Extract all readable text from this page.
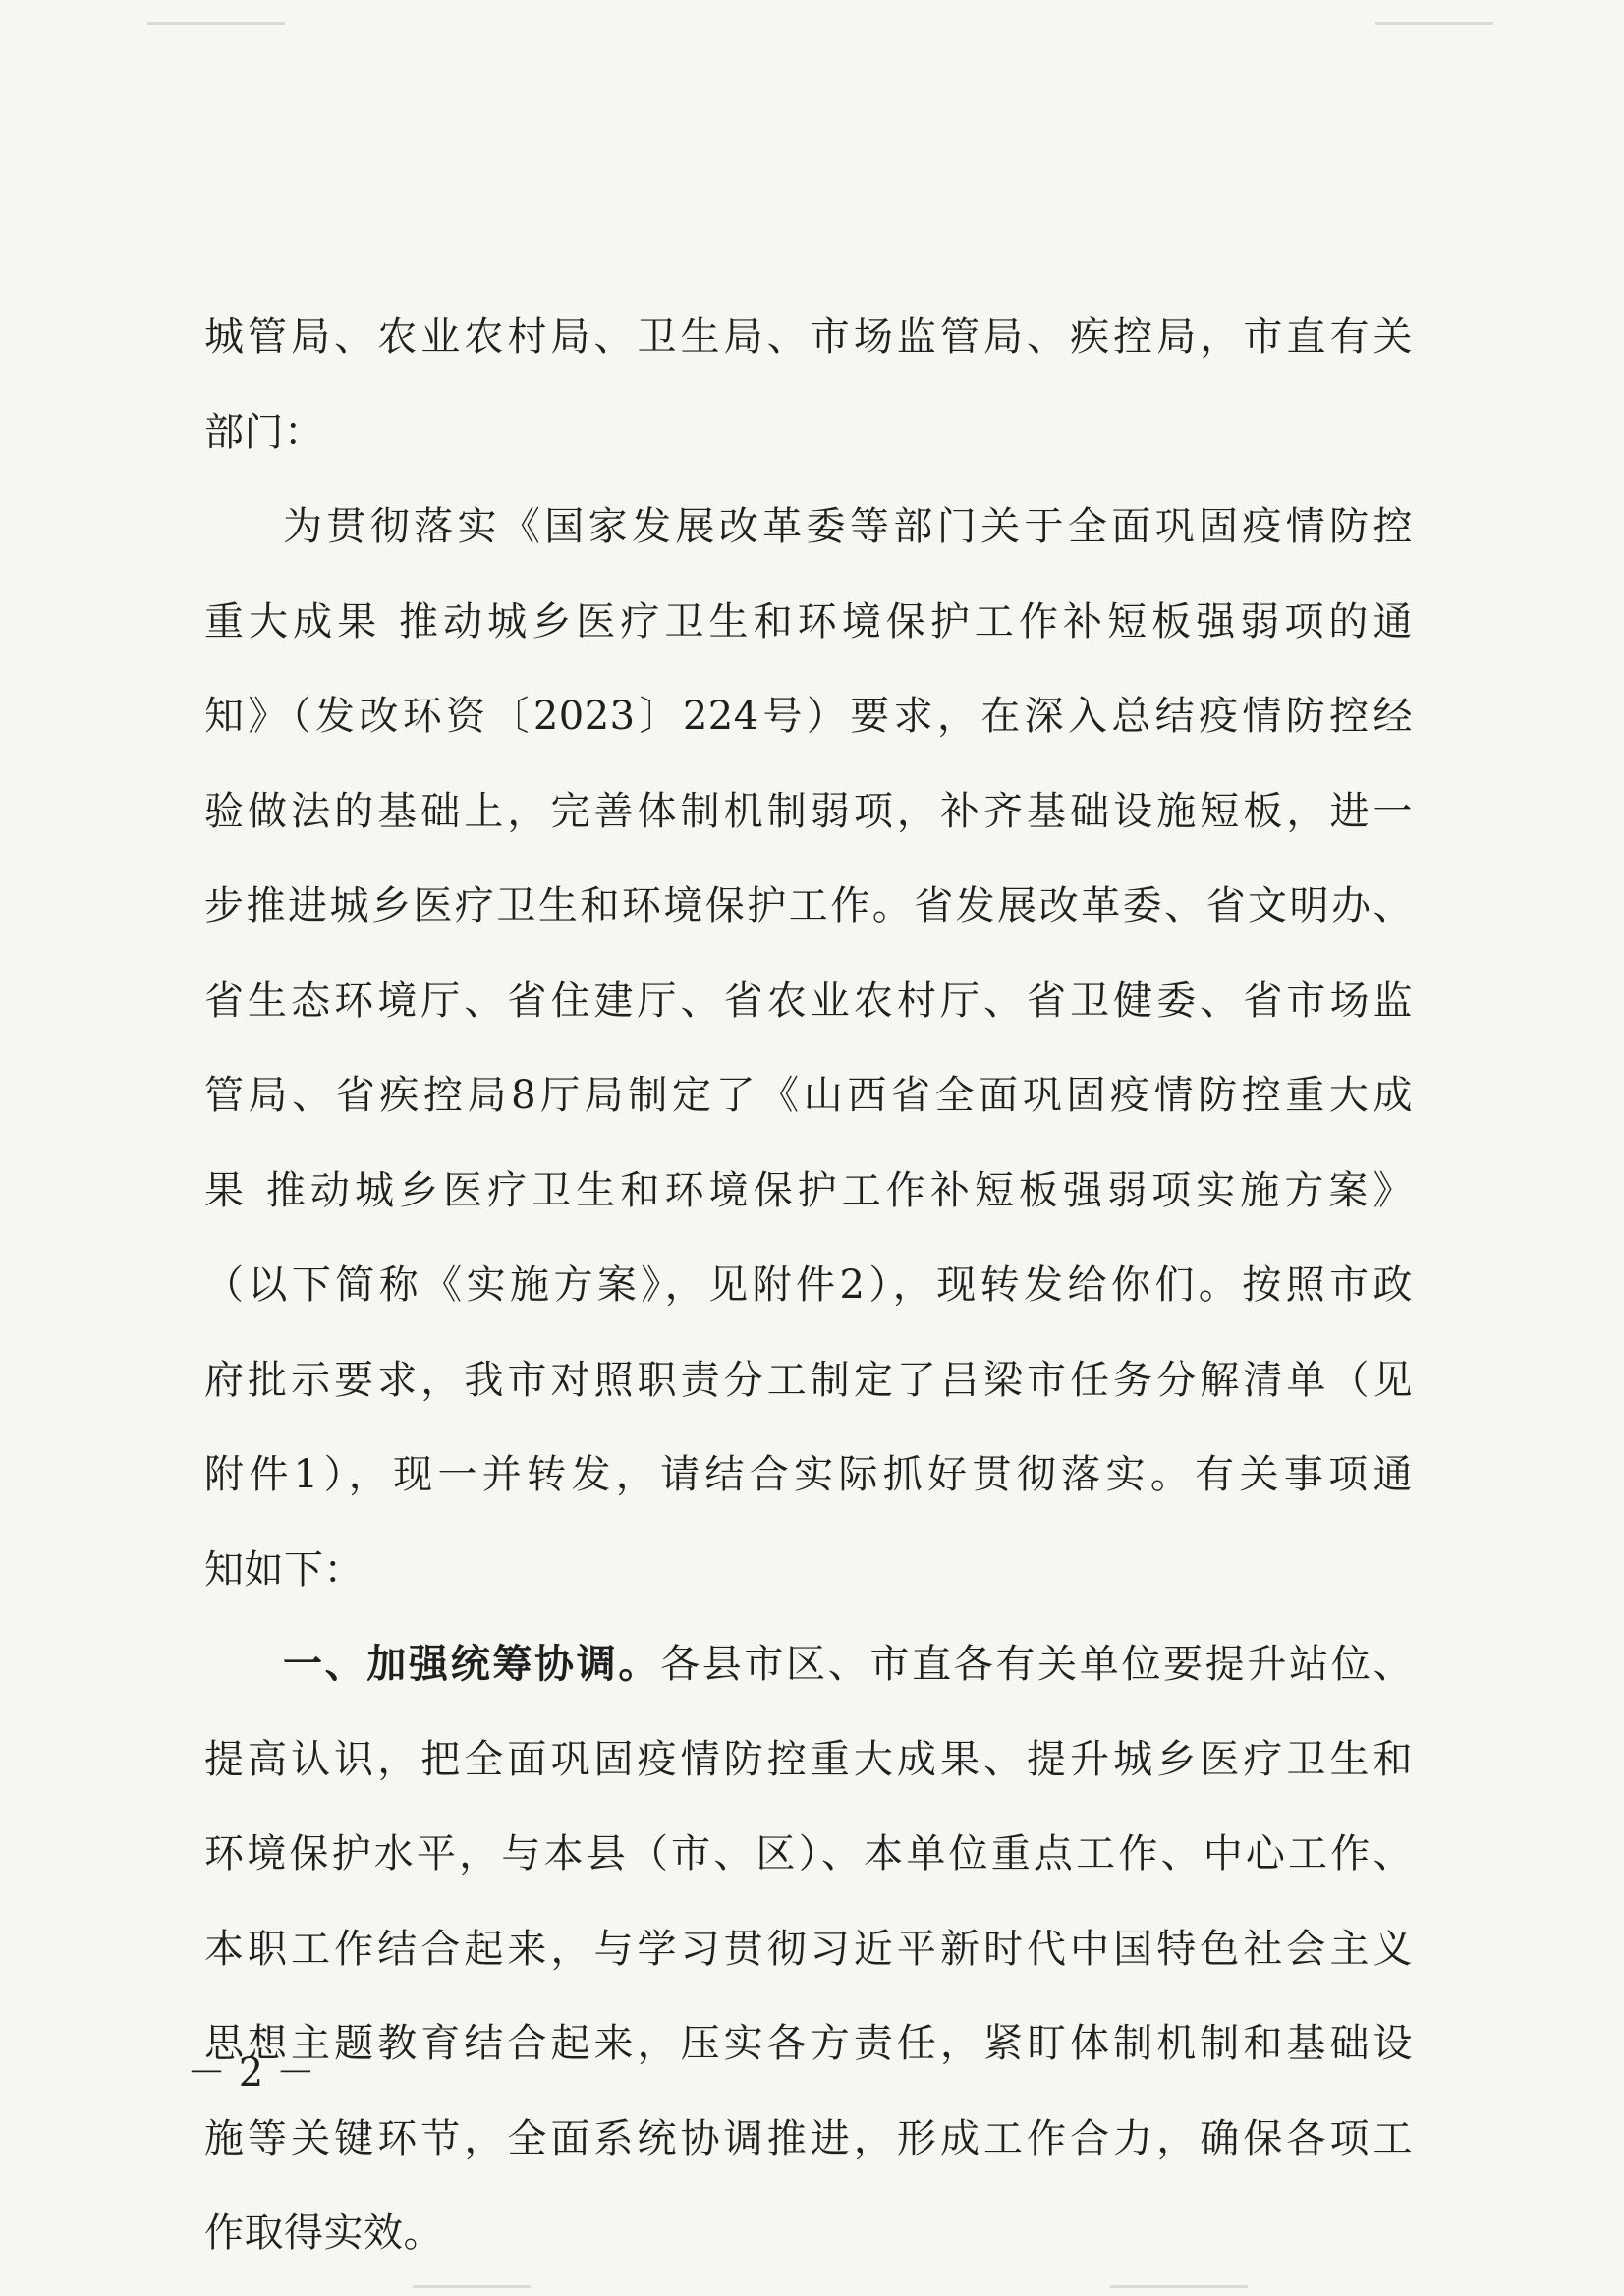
城管局、农业农村局、卫生局、市场监管局、疾控局，市直有关
部门：
为贯彻落实《国家发展改革委等部门关于全面巩固疫情防控
重大成果 推动城乡医疗卫生和环境保护工作补短板强弱项的通
知》（发改环资〔2023〕224号）要求，在深入总结疫情防控经
验做法的基础上，完善体制机制弱项，补齐基础设施短板，进一
步推进城乡医疗卫生和环境保护工作。省发展改革委、省文明办、
省生态环境厅、省住建厅、省农业农村厅、省卫健委、省市场监
管局、省疾控局8厅局制定了《山西省全面巩固疫情防控重大成
果 推动城乡医疗卫生和环境保护工作补短板强弱项实施方案》
（以下简称《实施方案》，见附件2），现转发给你们。按照市政
府批示要求，我市对照职责分工制定了吕梁市任务分解清单（见
附件1），现一并转发，请结合实际抓好贯彻落实。有关事项通
知如下：
一、加强统筹协调。各县市区、市直各有关单位要提升站位、
提高认识，把全面巩固疫情防控重大成果、提升城乡医疗卫生和
环境保护水平，与本县（市、区）、本单位重点工作、中心工作、
本职工作结合起来，与学习贯彻习近平新时代中国特色社会主义
思想主题教育结合起来，压实各方责任，紧盯体制机制和基础设
施等关键环节，全面系统协调推进，形成工作合力，确保各项工
作取得实效。
－ 2 －
